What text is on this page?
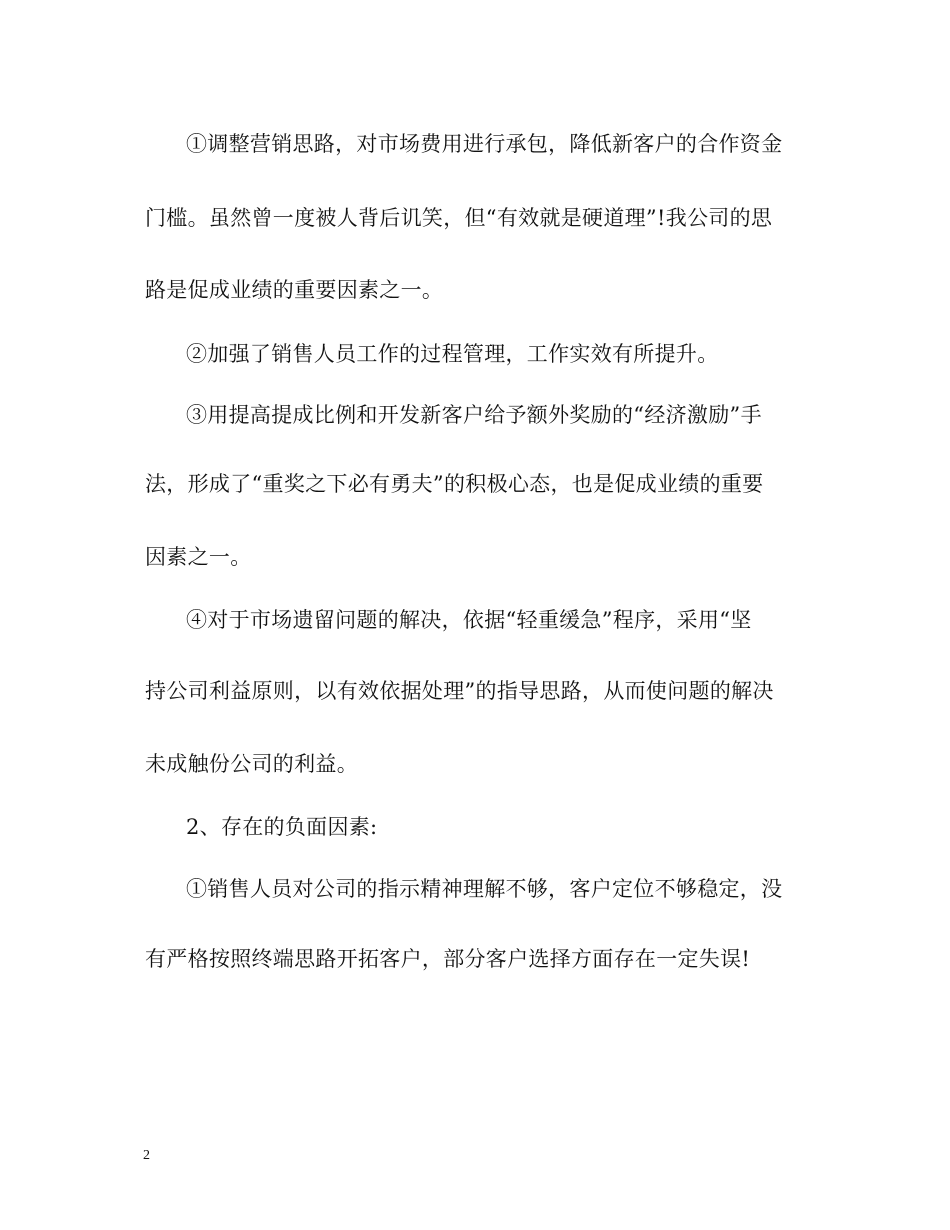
①调整营销思路，对市场费用进行承包，降低新客户的合作资金
门槛。虽然曾一度被人背后讥笑，但“有效就是硬道理”!我公司的思
路是促成业绩的重要因素之一。
②加强了销售人员工作的过程管理，工作实效有所提升。
③用提高提成比例和开发新客户给予额外奖励的“经济激励”手
法，形成了“重奖之下必有勇夫”的积极心态，也是促成业绩的重要
因素之一。
④对于市场遗留问题的解决，依据“轻重缓急”程序，采用“坚
持公司利益原则，以有效依据处理”的指导思路，从而使问题的解决
未成触份公司的利益。
2、存在的负面因素:
①销售人员对公司的指示精神理解不够，客户定位不够稳定，没
有严格按照终端思路开拓客户，部分客户选择方面存在一定失误!
2
